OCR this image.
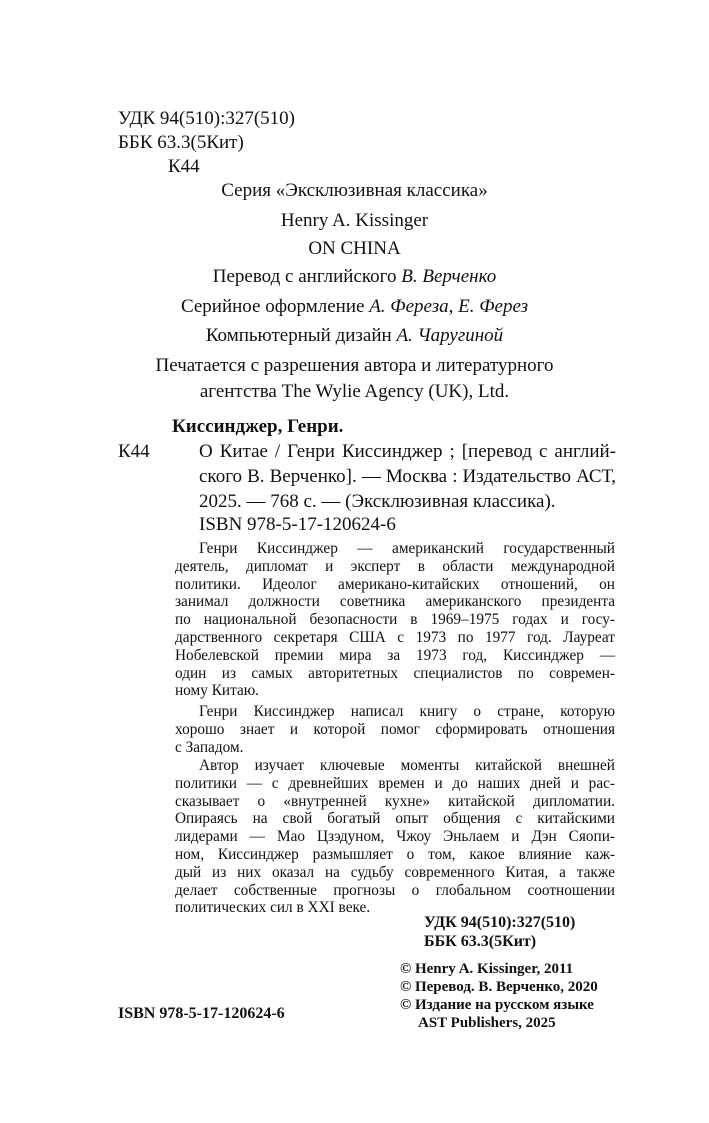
УДК 94(510):327(510)
ББК 63.3(5Кит)
К44
Серия «Эксклюзивная классика»
Henry A. Kissinger
ON CHINA
Перевод с английского В. Верченко
Серийное оформление А. Фереза, Е. Ферез
Компьютерный дизайн А. Чаругиной
Печатается с разрешения автора и литературного
агентства The Wylie Agency (UK), Ltd.
Киссинджер, Генри.
К44	О Китае / Генри Киссинджер ; [перевод с англий-
ского В. Верченко]. — Москва : Издательство АСТ,
2025. — 768 с. — (Эксклюзивная классика).
ISBN 978-5-17-120624-6
Генри Киссинджер — американский государственный
деятель, дипломат и эксперт в области международной
политики. Идеолог американо-китайских отношений, он
занимал должности советника американского президента
по национальной безопасности в 1969–1975 годах и госу-
дарственного секретаря США с 1973 по 1977 год. Лауреат
Нобелевской премии мира за 1973 год, Киссинджер —
один из самых авторитетных специалистов по современ-
ному Китаю.
Генри Киссинджер написал книгу о стране, которую
хорошо знает и которой помог сформировать отношения
с Западом.
Автор изучает ключевые моменты китайской внешней
политики — с древнейших времен и до наших дней и рас-
сказывает о «внутренней кухне» китайской дипломатии.
Опираясь на свой богатый опыт общения с китайскими
лидерами — Мао Цзэдуном, Чжоу Эньлаем и Дэн Сяопи-
ном, Киссинджер размышляет о том, какое влияние каж-
дый из них оказал на судьбу современного Китая, а также
делает собственные прогнозы о глобальном соотношении
политических сил в XXI веке.
УДК 94(510):327(510)
ББК 63.3(5Кит)
© Henry A. Kissinger, 2011
© Перевод. В. Верченко, 2020
© Издание на русском языке
AST Publishers, 2025
ISBN 978-5-17-120624-6
